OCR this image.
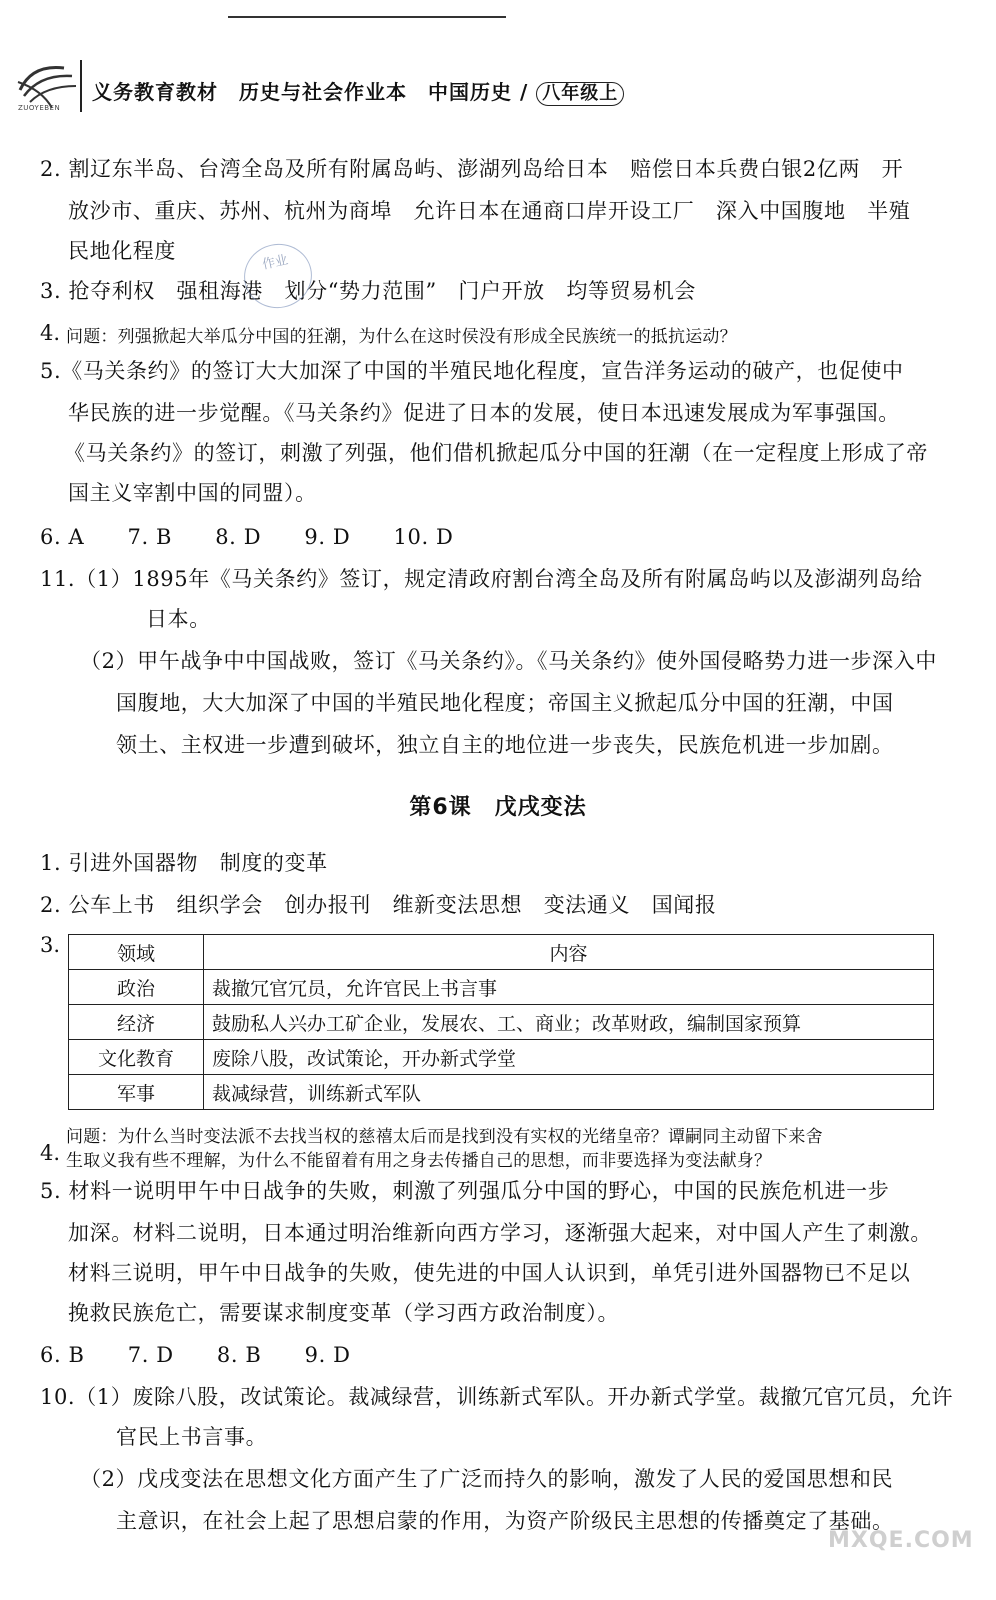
ZUOYEBEN
义务教育教材　 历史与社会作业本　 中国历史 / 八年级上
2. 割辽东半岛、台湾全岛及所有附属岛屿、澎湖列岛给日本　赔偿日本兵费白银2亿两　开
放沙市、重庆、苏州、杭州为商埠　允许日本在通商口岸开设工厂　深入中国腹地　半殖
民地化程度
3. 抢夺利权　强租海港　划分“势力范围”　门户开放　均等贸易机会
4. 问题：列强掀起大举瓜分中国的狂潮，为什么在这时侯没有形成全民族统一的抵抗运动？
5.《马关条约》的签订大大加深了中国的半殖民地化程度，宣告洋务运动的破产，也促使中
华民族的进一步觉醒。《马关条约》促进了日本的发展，使日本迅速发展成为军事强国。
《马关条约》的签订，刺激了列强，他们借机掀起瓜分中国的狂潮（在一定程度上形成了帝
国主义宰割中国的同盟）。
6. A　　7. B　　8. D　　9. D　　10. D
11.（1）1895年《马关条约》签订，规定清政府割台湾全岛及所有附属岛屿以及澎湖列岛给
日本。
（2）甲午战争中中国战败，签订《马关条约》。《马关条约》使外国侵略势力进一步深入中
国腹地，大大加深了中国的半殖民地化程度；帝国主义掀起瓜分中国的狂潮，中国
领土、主权进一步遭到破坏，独立自主的地位进一步丧失，民族危机进一步加剧。
第6课　戊戌变法
1. 引进外国器物　制度的变革
2. 公车上书　组织学会　创办报刊　维新变法思想　变法通义　国闻报
3.	领域	内容
政治	裁撤冗官冗员，允许官民上书言事
经济	鼓励私人兴办工矿企业，发展农、工、商业；改革财政，编制国家预算
文化教育	废除八股，改试策论，开办新式学堂
军事	裁减绿营，训练新式军队
4.
问题：为什么当时变法派不去找当权的慈禧太后而是找到没有实权的光绪皇帝？谭嗣同主动留下来舍
生取义我有些不理解，为什么不能留着有用之身去传播自己的思想，而非要选择为变法献身？
5. 材料一说明甲午中日战争的失败，刺激了列强瓜分中国的野心，中国的民族危机进一步
加深。材料二说明，日本通过明治维新向西方学习，逐渐强大起来，对中国人产生了刺激。
材料三说明，甲午中日战争的失败，使先进的中国人认识到，单凭引进外国器物已不足以
挽救民族危亡，需要谋求制度变革（学习西方政治制度）。
6. B　　7. D　　8. B　　9. D
10.（1）废除八股，改试策论。裁减绿营，训练新式军队。开办新式学堂。裁撤冗官冗员，允许
官民上书言事。
（2）戊戌变法在思想文化方面产生了广泛而持久的影响，激发了人民的爱国思想和民
主意识，在社会上起了思想启蒙的作用，为资产阶级民主思想的传播奠定了基础。
作业
MXQE.COM
